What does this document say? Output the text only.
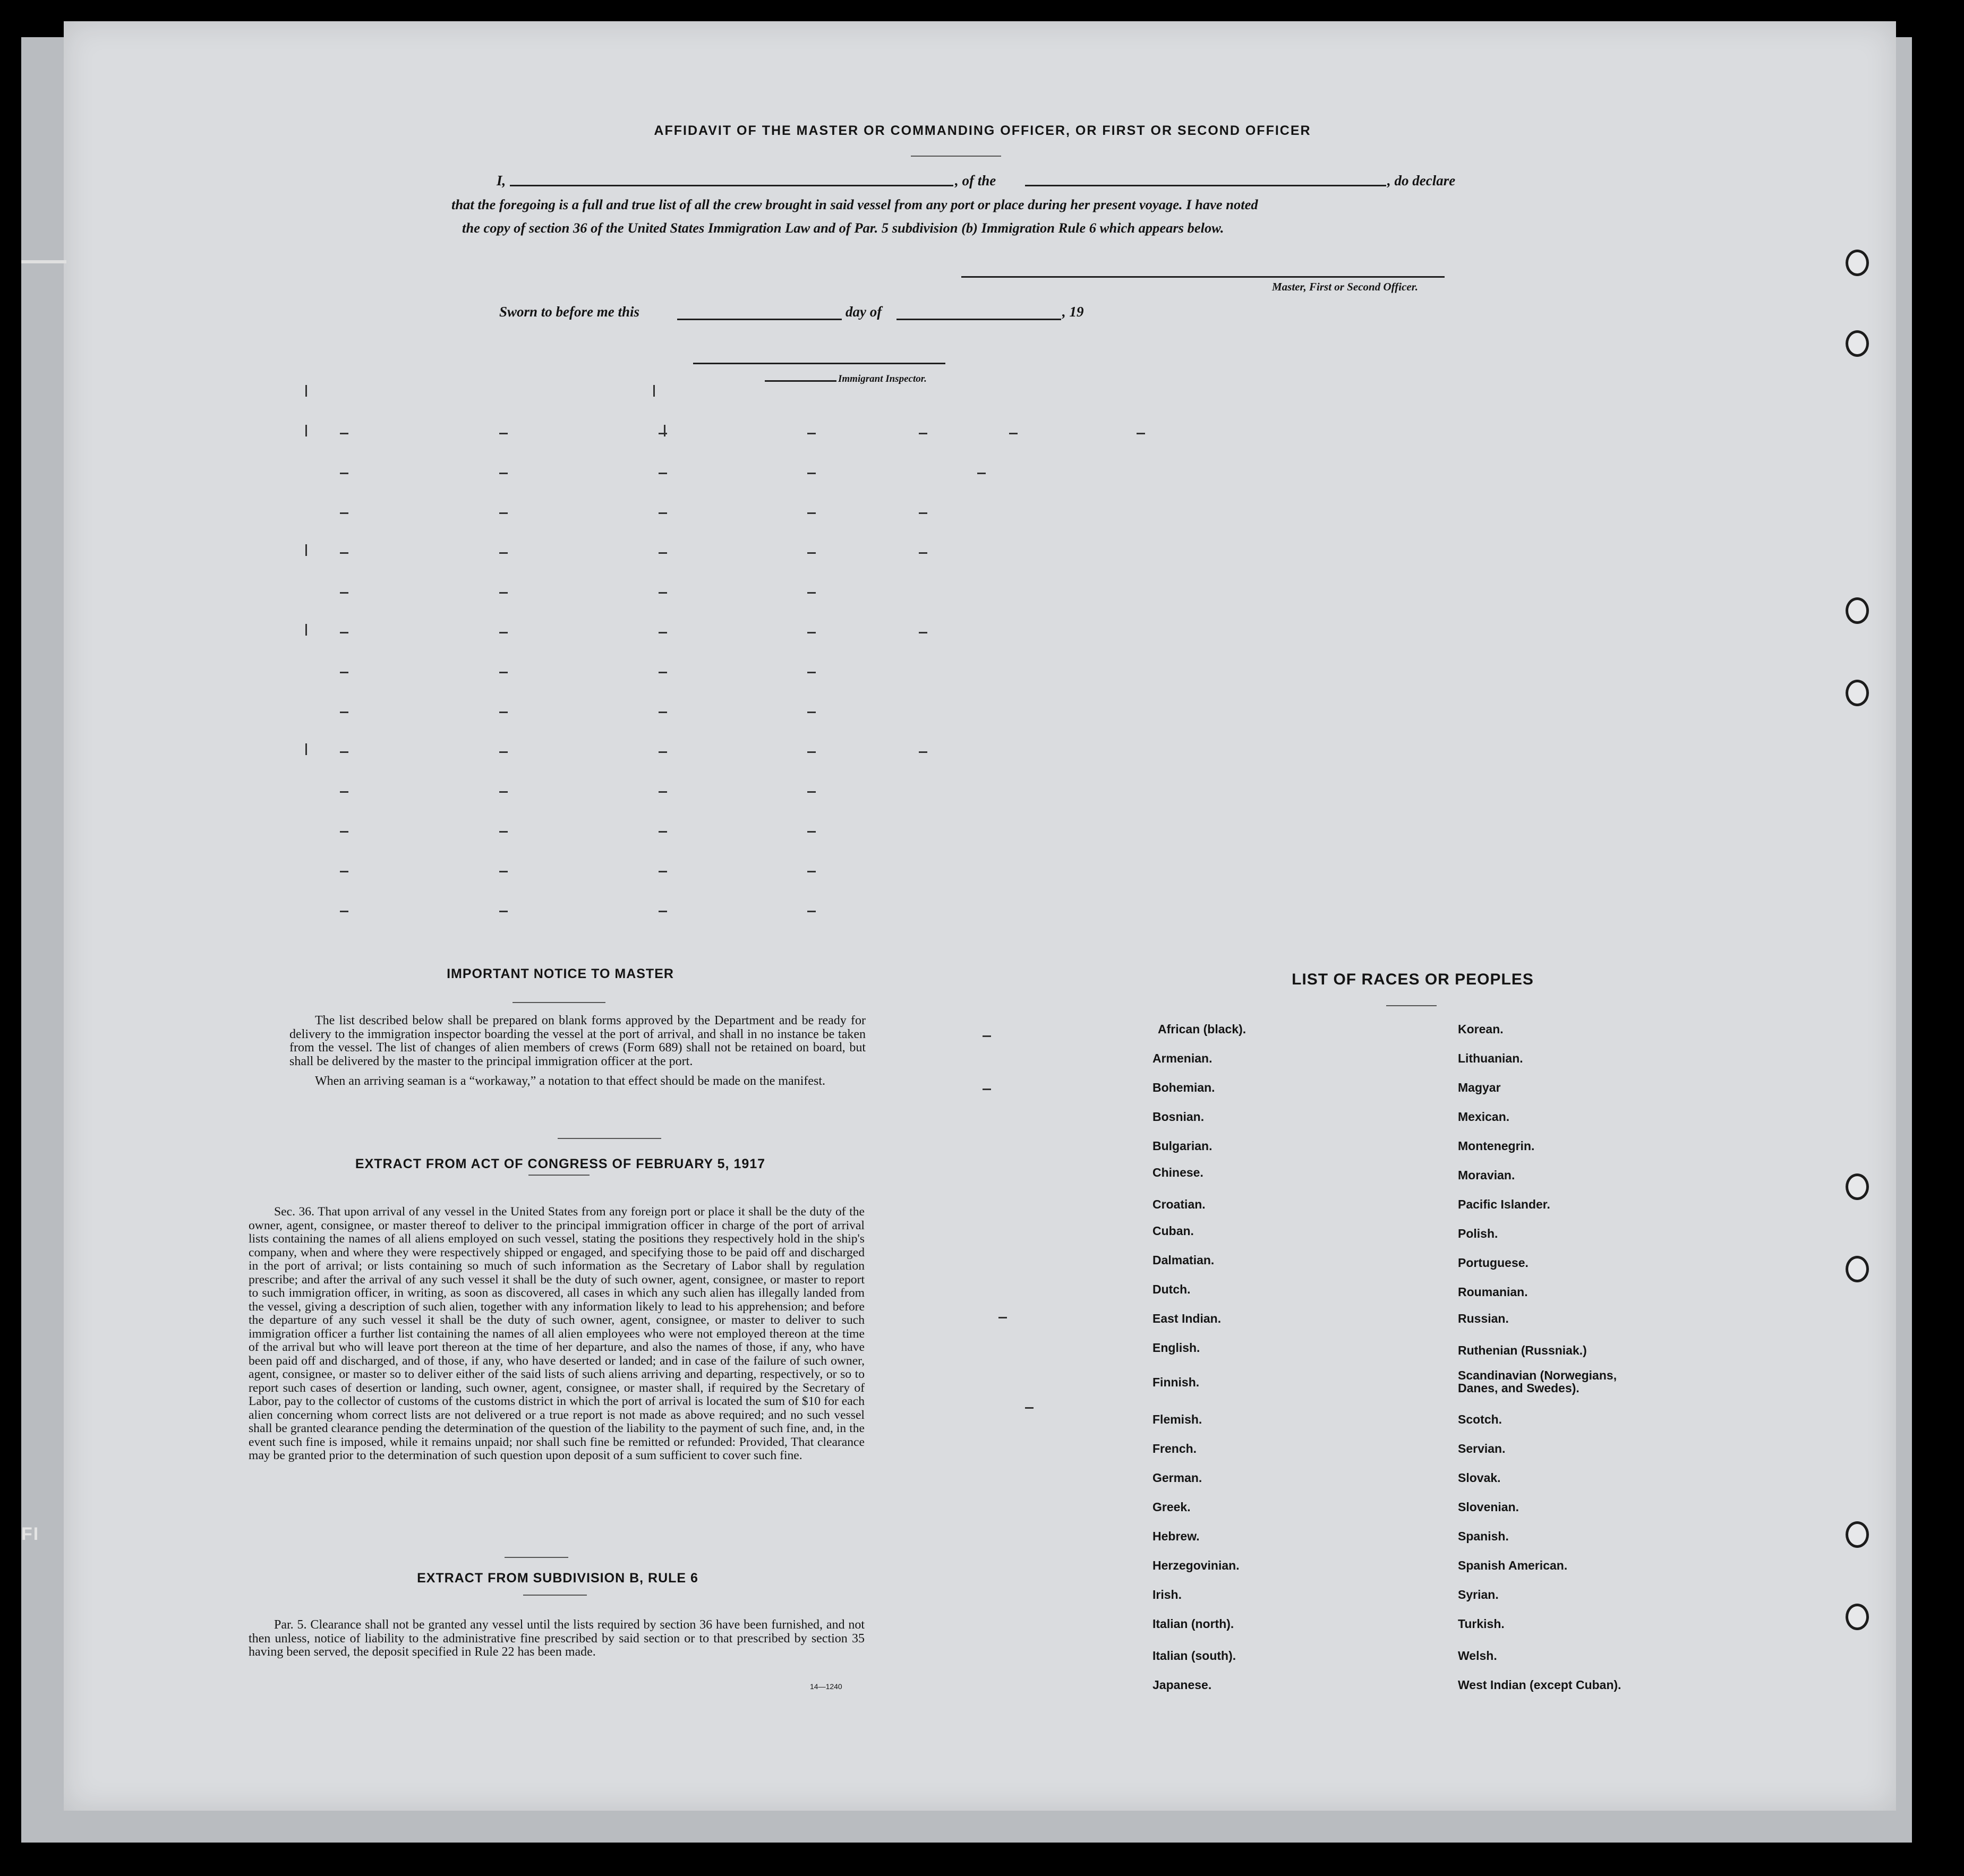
FI
AFFIDAVIT OF THE MASTER OR COMMANDING OFFICER, OR FIRST OR SECOND OFFICER
I,	, of the	, do declare
that the foregoing is a full and true list of all the crew brought in said vessel from any port or place during her present voyage. I have noted
the copy of section 36 of the United States Immigration Law and of Par. 5 subdivision (b) Immigration Rule 6 which appears below.
Master, First or Second Officer.
Sworn to before me this	day of	, 19
Immigrant Inspector.
IMPORTANT NOTICE TO MASTER

The list described below shall be prepared on blank forms approved by the Department and be ready for delivery to the immigration inspector boarding the vessel at the port of arrival, and shall in no instance be taken from the vessel. The list of changes of alien members of crews (Form 689) shall not be retained on board, but shall be delivered by the master to the principal immigration officer at the port.

When an arriving seaman is a “workaway,” a notation to that effect should be made on the manifest.

EXTRACT FROM ACT OF CONGRESS OF FEBRUARY 5, 1917

Sec. 36. That upon arrival of any vessel in the United States from any foreign port or place it shall be the duty of the owner, agent, consignee, or master thereof to deliver to the principal immigration officer in charge of the port of arrival lists containing the names of all aliens employed on such vessel, stating the positions they respectively hold in the ship's company, when and where they were respectively shipped or engaged, and specifying those to be paid off and discharged in the port of arrival; or lists containing so much of such information as the Secretary of Labor shall by regulation prescribe; and after the arrival of any such vessel it shall be the duty of such owner, agent, consignee, or master to report to such immigration officer, in writing, as soon as discovered, all cases in which any such alien has illegally landed from the vessel, giving a description of such alien, together with any information likely to lead to his apprehension; and before the departure of any such vessel it shall be the duty of such owner, agent, consignee, or master to deliver to such immigration officer a further list containing the names of all alien employees who were not employed thereon at the time of the arrival but who will leave port thereon at the time of her departure, and also the names of those, if any, who have been paid off and discharged, and of those, if any, who have deserted or landed; and in case of the failure of such owner, agent, consignee, or master so to deliver either of the said lists of such aliens arriving and departing, respectively, or so to report such cases of desertion or landing, such owner, agent, consignee, or master shall, if required by the Secretary of Labor, pay to the collector of customs of the customs district in which the port of arrival is located the sum of $10 for each alien concerning whom correct lists are not delivered or a true report is not made as above required; and no such vessel shall be granted clearance pending the determination of the question of the liability to the payment of such fine, and, in the event such fine is imposed, while it remains unpaid; nor shall such fine be remitted or refunded: Provided, That clearance may be granted prior to the determination of such question upon deposit of a sum sufficient to cover such fine.

EXTRACT FROM SUBDIVISION B, RULE 6

Par. 5. Clearance shall not be granted any vessel until the lists required by section 36 have been furnished, and not then unless, notice of liability to the administrative fine prescribed by said section or to that prescribed by section 35 having been served, the deposit specified in Rule 22 has been made.

14—1240
LIST OF RACES OR PEOPLES
African (black).
Armenian.
Bohemian.
Bosnian.
Bulgarian.
Chinese.
Croatian.
Cuban.
Dalmatian.
Dutch.
East Indian.
English.
Finnish.
Flemish.
French.
German.
Greek.
Hebrew.
Herzegovinian.
Irish.
Italian (north).
Italian (south).
Japanese.
Korean.
Lithuanian.
Magyar
Mexican.
Montenegrin.
Moravian.
Pacific Islander.
Polish.
Portuguese.
Roumanian.
Russian.
Ruthenian (Russniak.)
Scandinavian (Norwegians, Danes, and Swedes).
Scotch.
Servian.
Slovak.
Slovenian.
Spanish.
Spanish American.
Syrian.
Turkish.
Welsh.
West Indian (except Cuban).
